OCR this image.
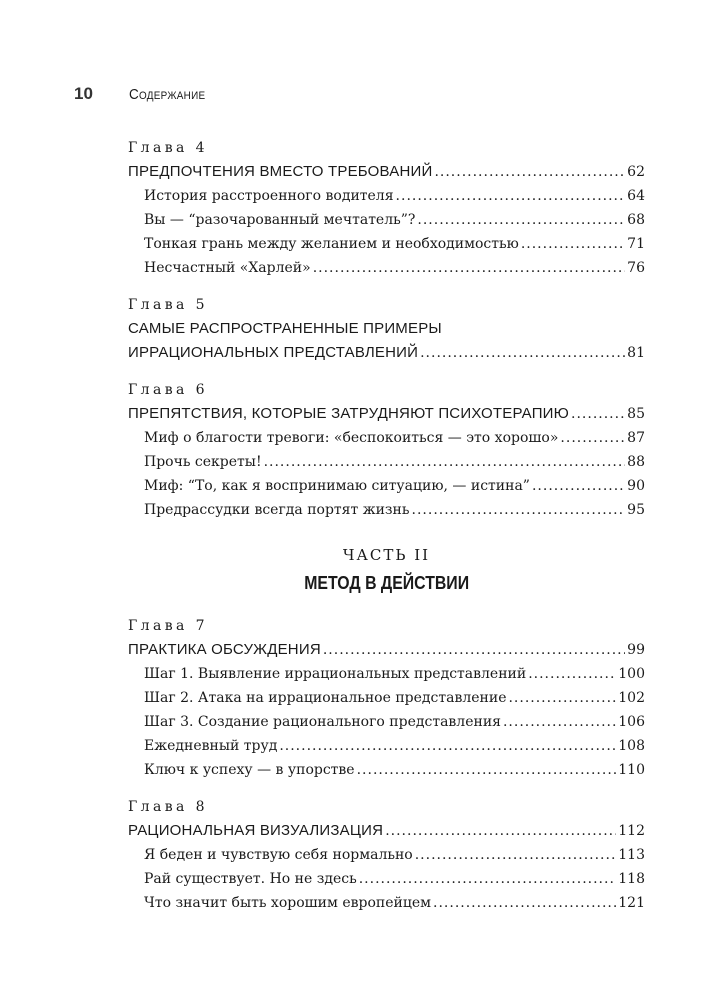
10	Содержание
Глава 4
ПРЕДПОЧТЕНИЯ ВМЕСТО ТРЕБОВАНИЙ .....	62
История расстроенного водителя .....	64
Вы — “разочарованный мечтатель”? .....	68
Тонкая грань между желанием и необходимостью .....	71
Несчастный «Харлей» .....	76
Глава 5
САМЫЕ РАСПРОСТРАНЕННЫЕ ПРИМЕРЫ
ИРРАЦИОНАЛЬНЫХ ПРЕДСТАВЛЕНИЙ .....	81
Глава 6
ПРЕПЯТСТВИЯ, КОТОРЫЕ ЗАТРУДНЯЮТ ПСИХОТЕРАПИЮ .....	85
Миф о благости тревоги: «беспокоиться — это хорошо» .....	87
Прочь секреты! .....	88
Миф: “То, как я воспринимаю ситуацию, — истина” .....	90
Предрассудки всегда портят жизнь .....	95
ЧАСТЬ II
МЕТОД В ДЕЙСТВИИ
Глава 7
ПРАКТИКА ОБСУЖДЕНИЯ .....	99
Шаг 1. Выявление иррациональных представлений .....	100
Шаг 2. Атака на иррациональное представление .....	102
Шаг 3. Создание рационального представления .....	106
Ежедневный труд .....	108
Ключ к успеху — в упорстве .....	110
Глава 8
РАЦИОНАЛЬНАЯ ВИЗУАЛИЗАЦИЯ .....	112
Я беден и чувствую себя нормально .....	113
Рай существует. Но не здесь .....	118
Что значит быть хорошим европейцем .....	121
